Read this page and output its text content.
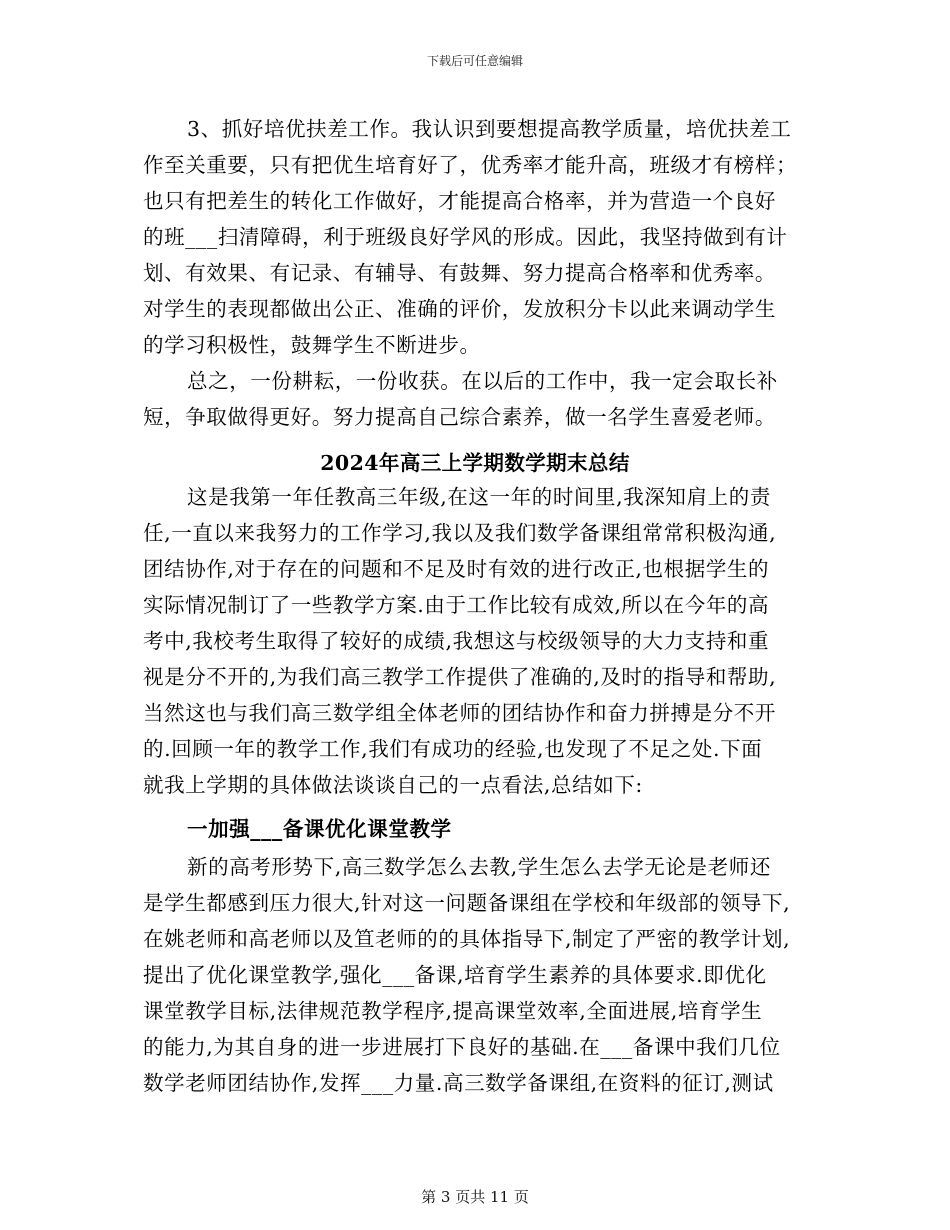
下载后可任意编辑
3、抓好培优扶差工作。我认识到要想提高教学质量，培优扶差工
作至关重要，只有把优生培育好了，优秀率才能升高，班级才有榜样；
也只有把差生的转化工作做好，才能提高合格率，并为营造一个良好
的班___扫清障碍，利于班级良好学风的形成。因此，我坚持做到有计
划、有效果、有记录、有辅导、有鼓舞、努力提高合格率和优秀率。
对学生的表现都做出公正、准确的评价，发放积分卡以此来调动学生
的学习积极性，鼓舞学生不断进步。
总之，一份耕耘，一份收获。在以后的工作中，我一定会取长补
短，争取做得更好。努力提高自己综合素养，做一名学生喜爱老师。
2024年高三上学期数学期末总结
这是我第一年任教高三年级,在这一年的时间里,我深知肩上的责
任,一直以来我努力的工作学习,我以及我们数学备课组常常积极沟通,
团结协作,对于存在的问题和不足及时有效的进行改正,也根据学生的
实际情况制订了一些教学方案.由于工作比较有成效,所以在今年的高
考中,我校考生取得了较好的成绩,我想这与校级领导的大力支持和重
视是分不开的,为我们高三教学工作提供了准确的,及时的指导和帮助,
当然这也与我们高三数学组全体老师的团结协作和奋力拼搏是分不开
的.回顾一年的教学工作,我们有成功的经验,也发现了不足之处.下面
就我上学期的具体做法谈谈自己的一点看法,总结如下:
一加强___备课优化课堂教学
新的高考形势下,高三数学怎么去教,学生怎么去学无论是老师还
是学生都感到压力很大,针对这一问题备课组在学校和年级部的领导下,
在姚老师和高老师以及笪老师的的具体指导下,制定了严密的教学计划,
提出了优化课堂教学,强化___备课,培育学生素养的具体要求.即优化
课堂教学目标,法律规范教学程序,提高课堂效率,全面进展,培育学生
的能力,为其自身的进一步进展打下良好的基础.在___备课中我们几位
数学老师团结协作,发挥___力量.高三数学备课组,在资料的征订,测试
第 3 页共 11 页
